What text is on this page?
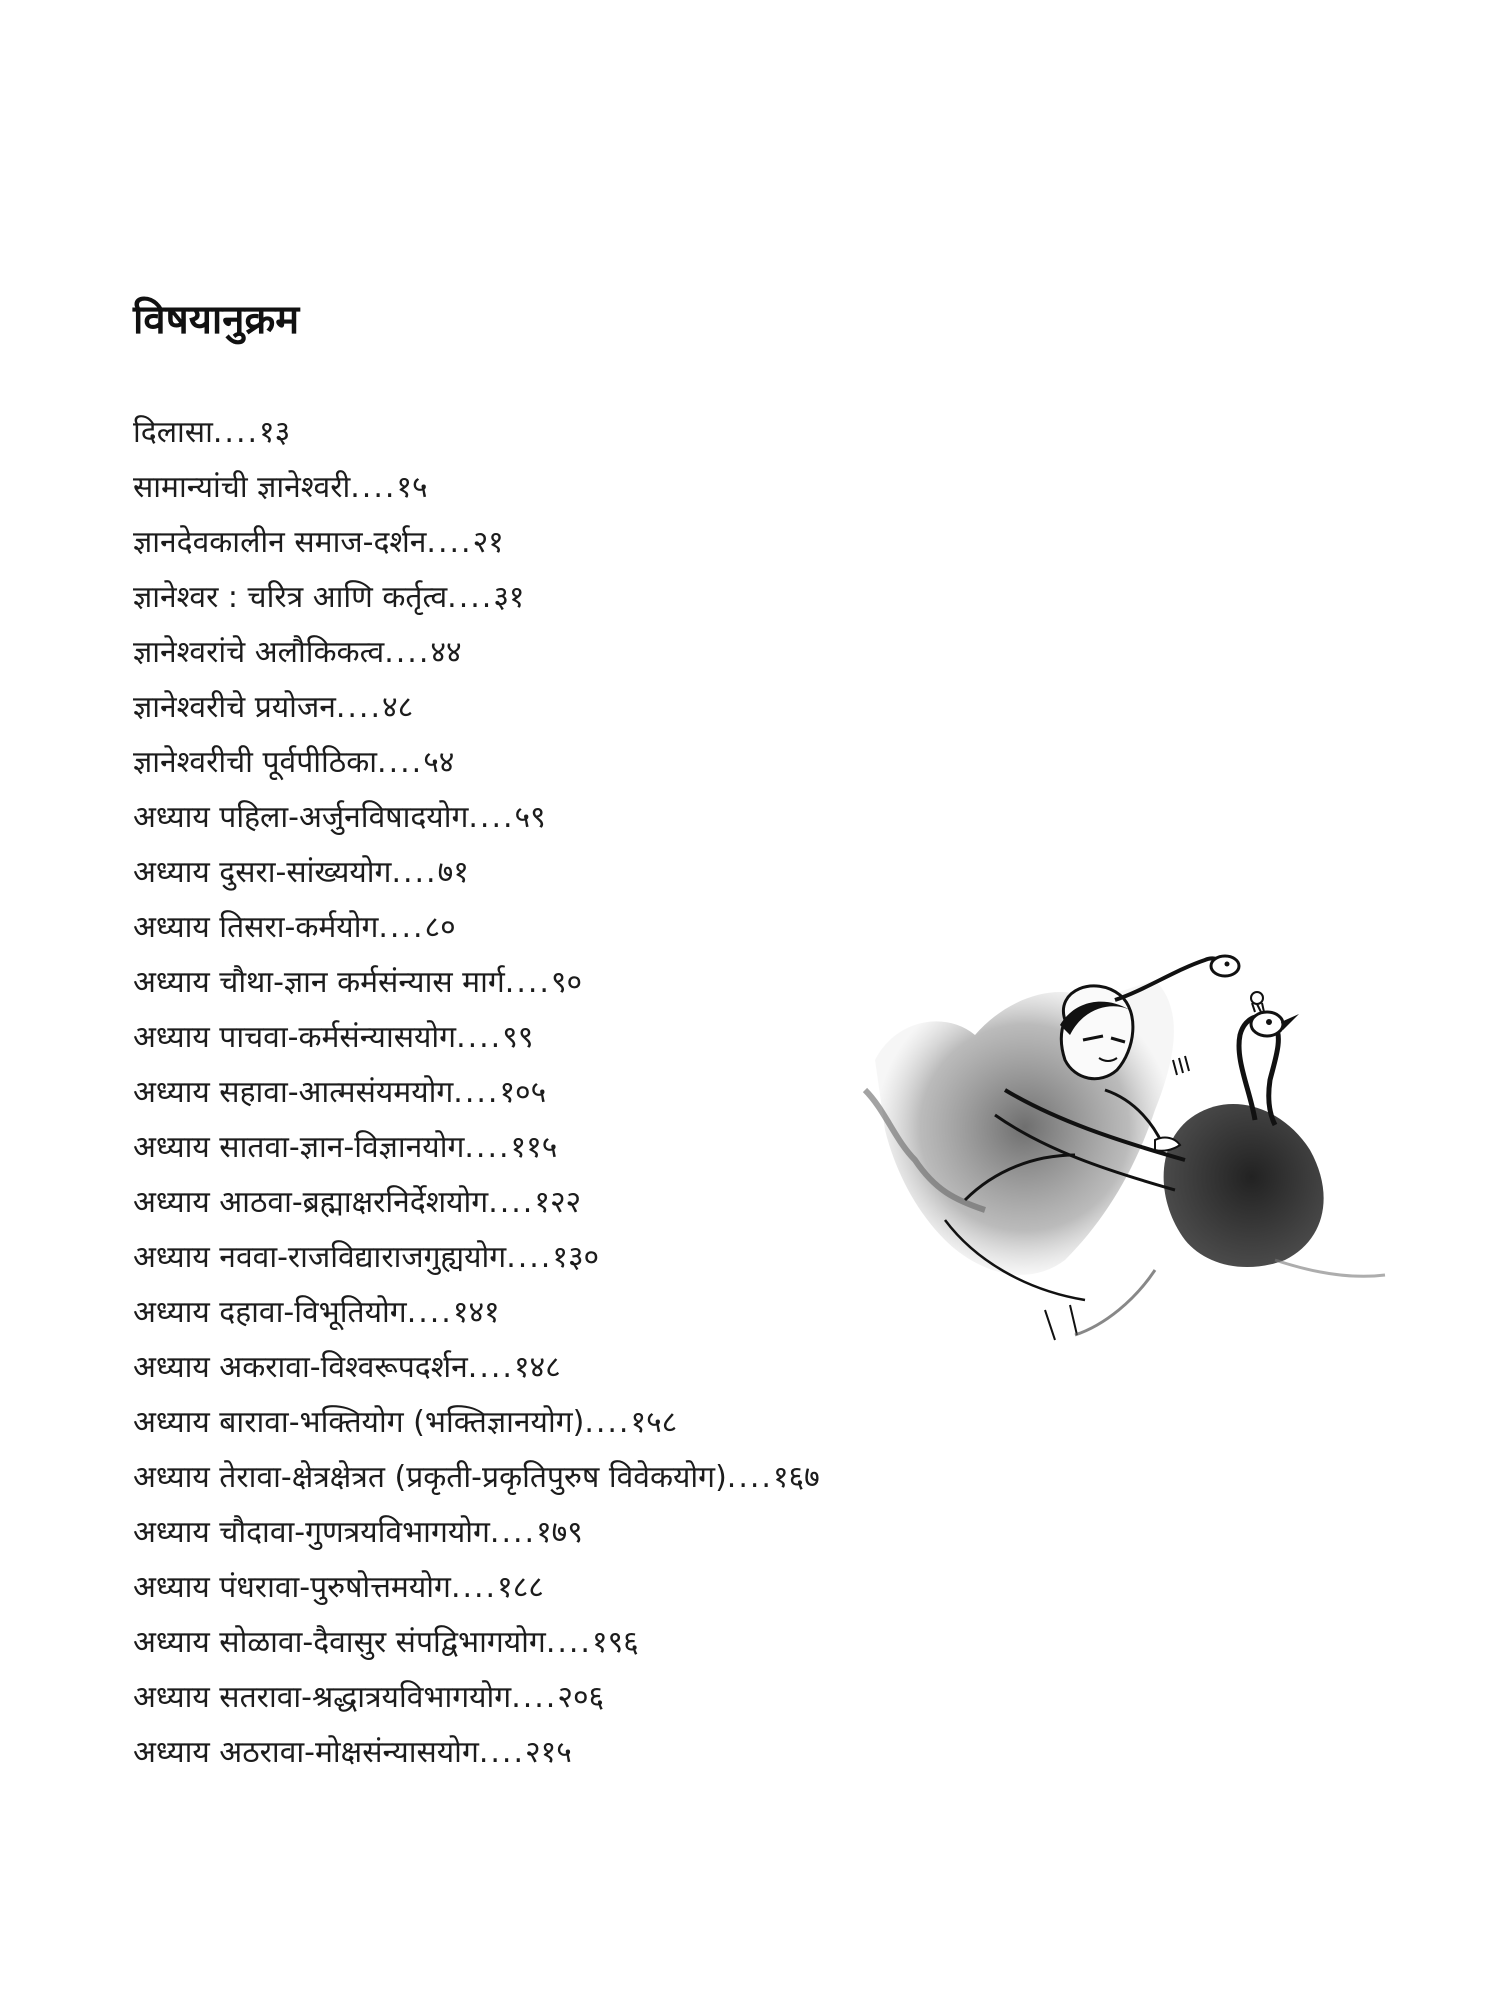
विषयानुक्रम
दिलासा....१३
सामान्यांची ज्ञानेश्वरी....१५
ज्ञानदेवकालीन समाज-दर्शन....२१
ज्ञानेश्वर : चरित्र आणि कर्तृत्व....३१
ज्ञानेश्वरांचे अलौकिकत्व....४४
ज्ञानेश्वरीचे प्रयोजन....४८
ज्ञानेश्वरीची पूर्वपीठिका....५४
अध्याय पहिला-अर्जुनविषादयोग....५९
अध्याय दुसरा-सांख्ययोग....७१
अध्याय तिसरा-कर्मयोग....८०
अध्याय चौथा-ज्ञान कर्मसंन्यास मार्ग....९०
अध्याय पाचवा-कर्मसंन्यासयोग....९९
अध्याय सहावा-आत्मसंयमयोग....१०५
अध्याय सातवा-ज्ञान-विज्ञानयोग....११५
अध्याय आठवा-ब्रह्माक्षरनिर्देशयोग....१२२
अध्याय नववा-राजविद्याराजगुह्ययोग....१३०
अध्याय दहावा-विभूतियोग....१४१
अध्याय अकरावा-विश्वरूपदर्शन....१४८
अध्याय बारावा-भक्तियोग (भक्तिज्ञानयोग)....१५८
अध्याय तेरावा-क्षेत्रक्षेत्रत (प्रकृती-प्रकृतिपुरुष विवेकयोग)....१६७
अध्याय चौदावा-गुणत्रयविभागयोग....१७९
अध्याय पंधरावा-पुरुषोत्तमयोग....१८८
अध्याय सोळावा-दैवासुर संपद्विभागयोग....१९६
अध्याय सतरावा-श्रद्धात्रयविभागयोग....२०६
अध्याय अठरावा-मोक्षसंन्यासयोग....२१५
